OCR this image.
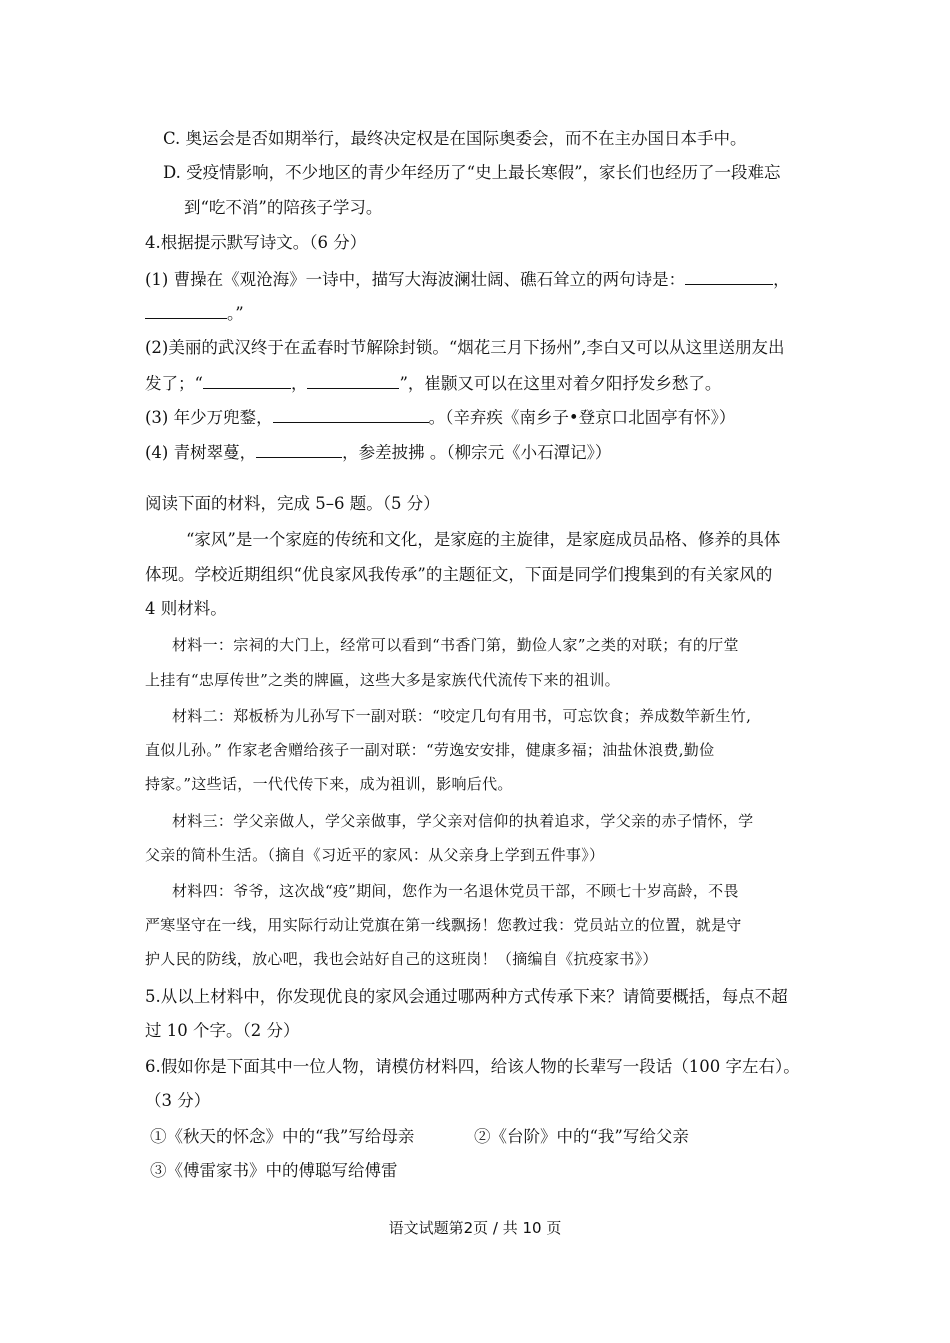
C. 奥运会是否如期举行，最终决定权是在国际奥委会，而不在主办国日本手中。
D. 受疫情影响，不少地区的青少年经历了“史上最长寒假”，家长们也经历了一段难忘
到“吃不消”的陪孩子学习。
4.根据提示默写诗文。（6 分）
(1) 曹操在《观沧海》一诗中，描写大海波澜壮阔、礁石耸立的两句诗是：	，
。”
(2)美丽的武汉终于在孟春时节解除封锁。“烟花三月下扬州”,李白又可以从这里送朋友出
发了；“	，	”，崔颢又可以在这里对着夕阳抒发乡愁了。
(3) 年少万兜鍪，	。（辛弃疾《南乡子•登京口北固亭有怀》）
(4) 青树翠蔓，	，参差披拂 。（柳宗元《小石潭记》）
阅读下面的材料，完成 5–6 题。（5 分）
“家风”是一个家庭的传统和文化，是家庭的主旋律，是家庭成员品格、修养的具体
体现。学校近期组织“优良家风我传承”的主题征文，下面是同学们搜集到的有关家风的
4 则材料。
材料一：宗祠的大门上，经常可以看到“书香门第，勤俭人家”之类的对联；有的厅堂
上挂有“忠厚传世”之类的牌匾，这些大多是家族代代流传下来的祖训。
材料二：郑板桥为儿孙写下一副对联：“咬定几句有用书，可忘饮食；养成数竿新生竹,
直似儿孙。” 作家老舍赠给孩子一副对联：“劳逸安安排，健康多福；油盐休浪费,勤俭
持家。”这些话，一代代传下来，成为祖训，影响后代。
材料三：学父亲做人，学父亲做事，学父亲对信仰的执着追求，学父亲的赤子情怀，学
父亲的简朴生活。（摘自《习近平的家风：从父亲身上学到五件事》）
材料四：爷爷，这次战“疫”期间，您作为一名退休党员干部，不顾七十岁高龄，不畏
严寒坚守在一线，用实际行动让党旗在第一线飘扬！您教过我：党员站立的位置，就是守
护人民的防线，放心吧，我也会站好自己的这班岗！（摘编自《抗疫家书》）
5.从以上材料中，你发现优良的家风会通过哪两种方式传承下来？请简要概括，每点不超
过 10 个字。（2 分）
6.假如你是下面其中一位人物，请模仿材料四，给该人物的长辈写一段话（100 字左右）。
（3 分）
①《秋天的怀念》中的“我”写给母亲	②《台阶》中的“我”写给父亲
③《傅雷家书》中的傅聪写给傅雷
语文试题第2页 / 共 10 页
